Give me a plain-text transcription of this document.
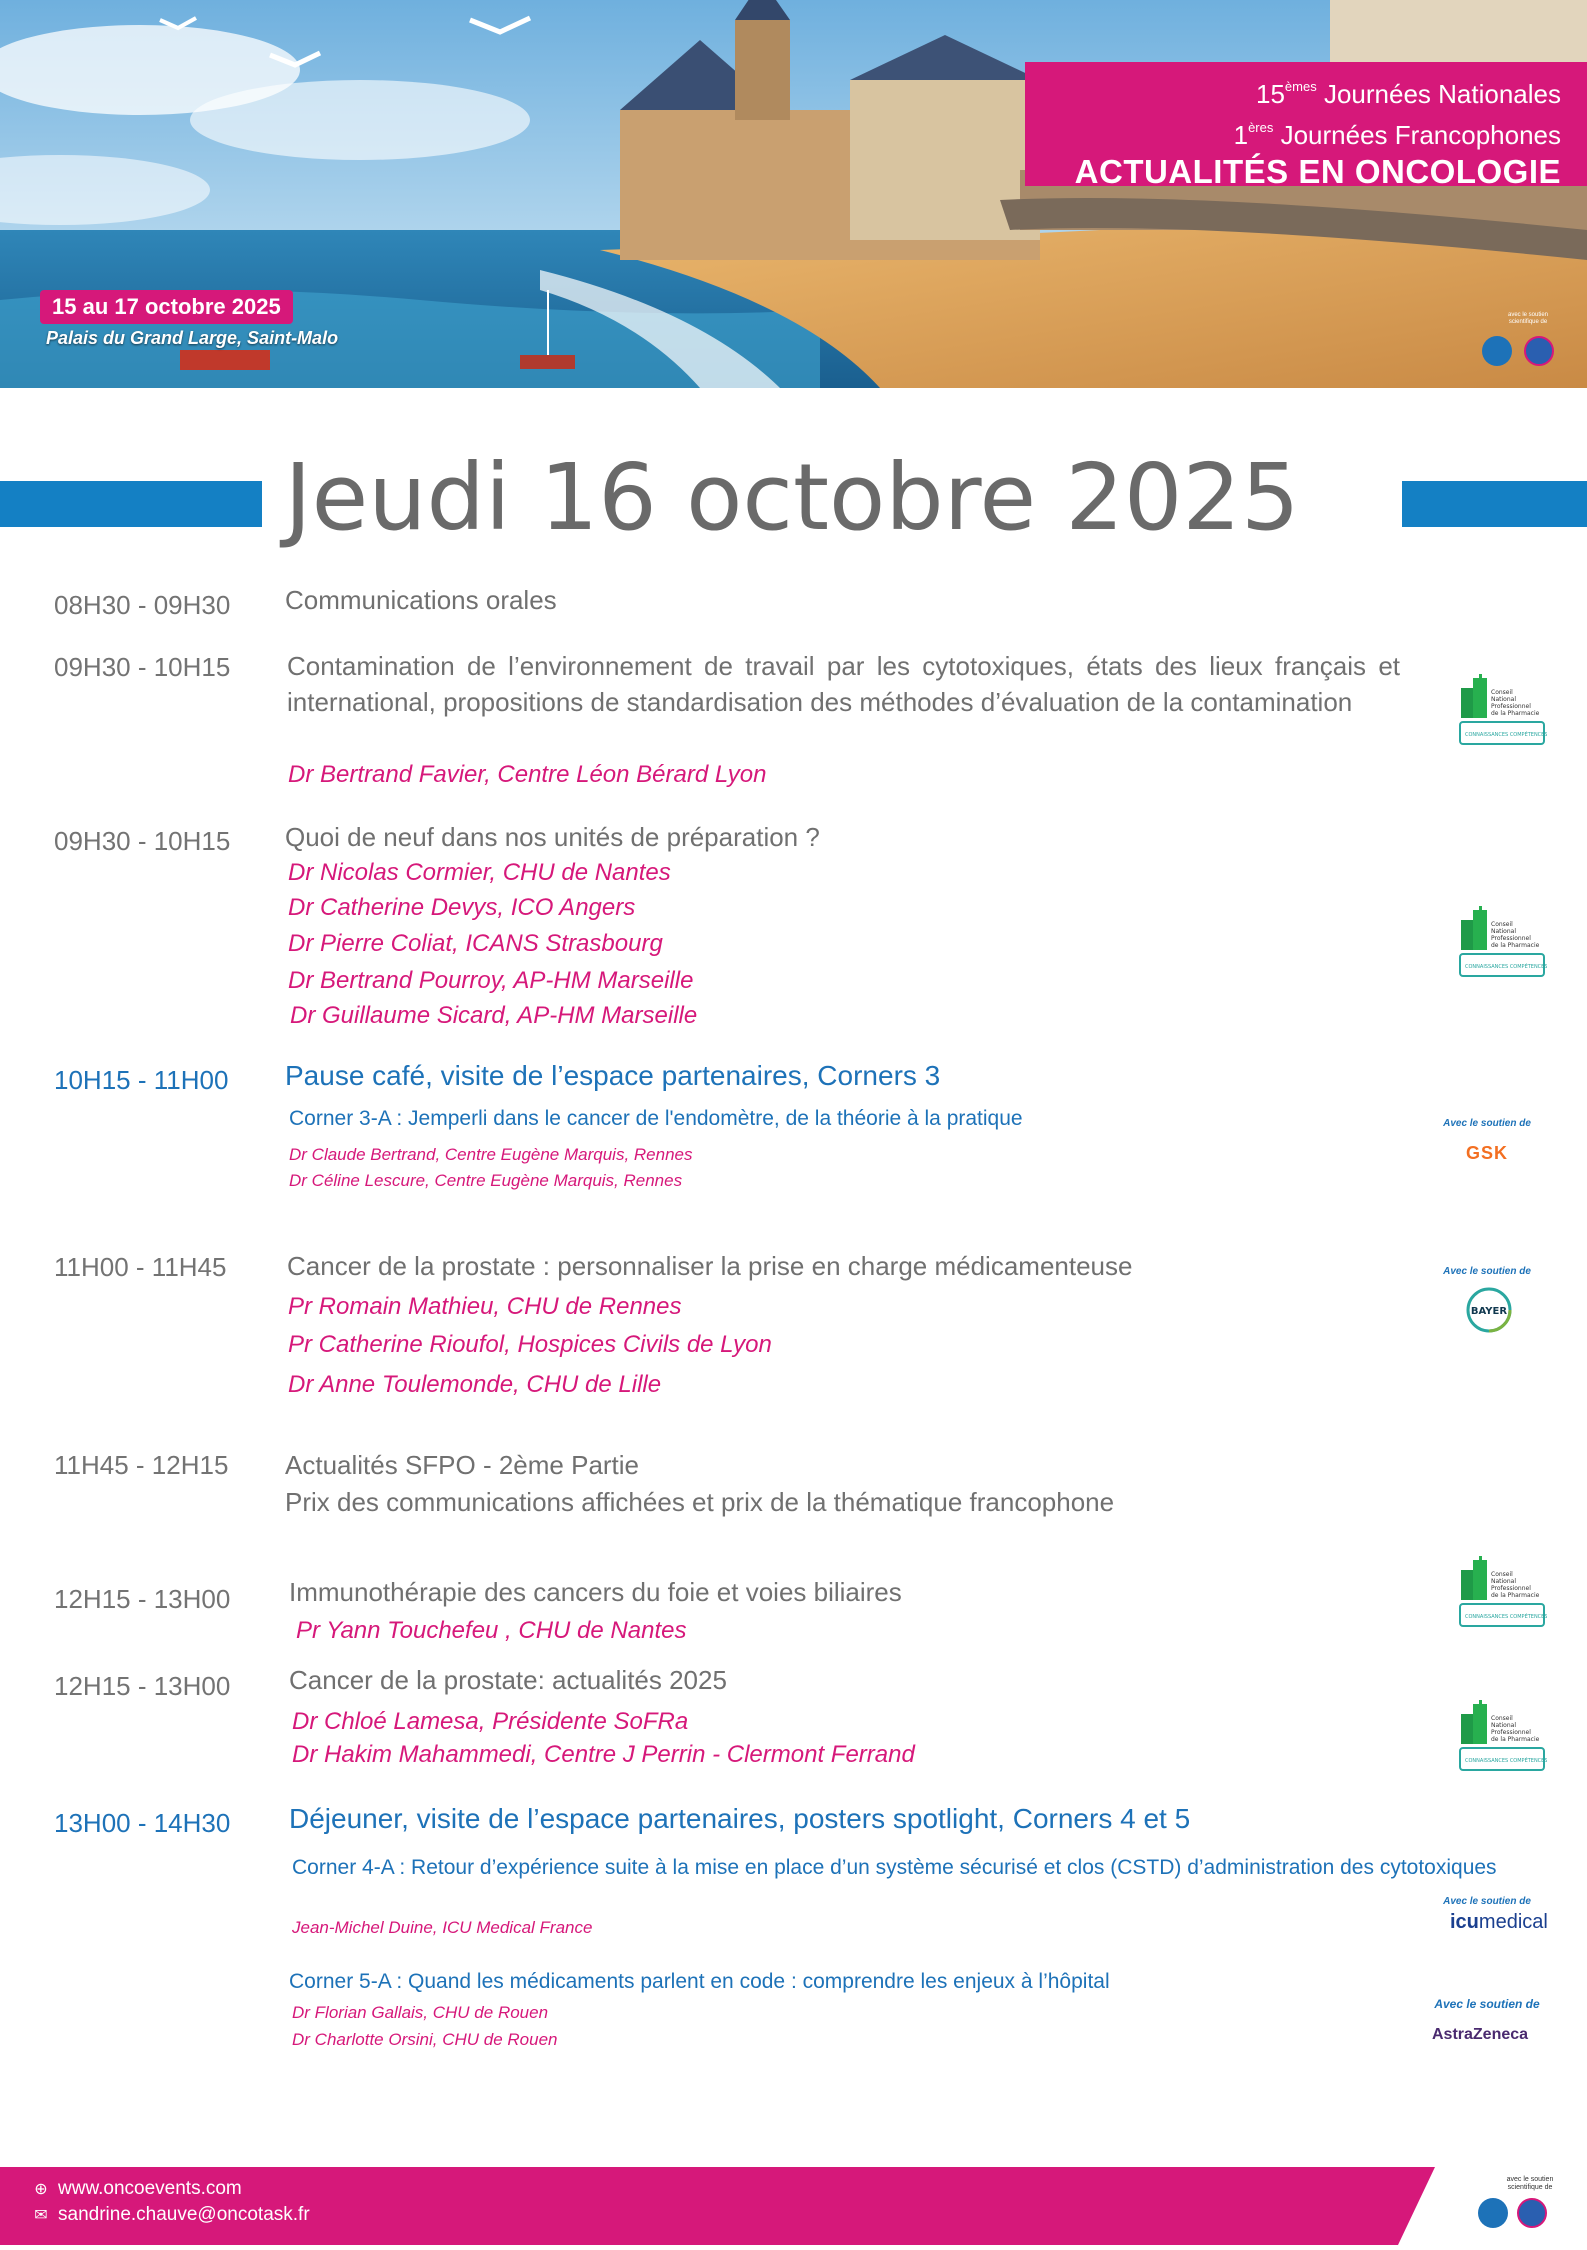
15èmes Journées Nationales
1ères Journées Francophones
ACTUALITÉS EN ONCOLOGIE
15 au 17 octobre 2025
Palais du Grand Large, Saint-Malo
avec le soutien scientifique de
Jeudi 16 octobre 2025
08H30 - 09H30 Communications orales
09H30 - 10H15 Contamination de l’environnement de travail par les cytotoxiques, états des lieux français et international, propositions de standardisation des méthodes d’évaluation de la contamination
Dr Bertrand Favier, Centre Léon Bérard Lyon
Conseil
National
Professionnel
de la Pharmacie
CONNAISSANCES COMPÉTENCES
09H30 - 10H15 Quoi de neuf dans nos unités de préparation ?
Dr Nicolas Cormier, CHU de Nantes
Dr Catherine Devys, ICO Angers
Dr Pierre Coliat, ICANS Strasbourg
Dr Bertrand Pourroy, AP-HM Marseille
Dr Guillaume Sicard, AP-HM Marseille
Conseil
National
Professionnel
de la Pharmacie
CONNAISSANCES COMPÉTENCES
10H15 - 11H00 Pause café, visite de l’espace partenaires, Corners 3
Corner 3-A : Jemperli dans le cancer de l'endomètre, de la théorie à la pratique
Dr Claude Bertrand, Centre Eugène Marquis, Rennes
Dr Céline Lescure, Centre Eugène Marquis, Rennes
Avec le soutien de
GSK
11H00 - 11H45 Cancer de la prostate : personnaliser la prise en charge médicamenteuse
Pr Romain Mathieu, CHU de Rennes
Pr Catherine Rioufol, Hospices Civils de Lyon
Dr Anne Toulemonde, CHU de Lille
Avec le soutien de
BAYER
11H45 - 12H15 Actualités SFPO - 2ème Partie
Prix des communications affichées et prix de la thématique francophone
12H15 - 13H00 Immunothérapie des cancers du foie et voies biliaires
Pr Yann Touchefeu , CHU de Nantes
Conseil
National
Professionnel
de la Pharmacie
CONNAISSANCES COMPÉTENCES
12H15 - 13H00 Cancer de la prostate: actualités 2025
Dr Chloé Lamesa, Présidente SoFRa
Dr Hakim Mahammedi, Centre J Perrin - Clermont Ferrand
Conseil
National
Professionnel
de la Pharmacie
CONNAISSANCES COMPÉTENCES
13H00 - 14H30 Déjeuner, visite de l’espace partenaires, posters spotlight, Corners 4 et 5
Corner 4-A : Retour d’expérience suite à la mise en place d’un système sécurisé et clos (CSTD) d’administration des cytotoxiques
Jean-Michel Duine, ICU Medical France
Avec le soutien de
icumedical
Corner 5-A : Quand les médicaments parlent en code : comprendre les enjeux à l’hôpital
Dr Florian Gallais, CHU de Rouen
Dr Charlotte Orsini, CHU de Rouen
Avec le soutien de
AstraZeneca
⊕ www.oncoevents.com
✉ sandrine.chauve@oncotask.fr
avec le soutien scientifique de
